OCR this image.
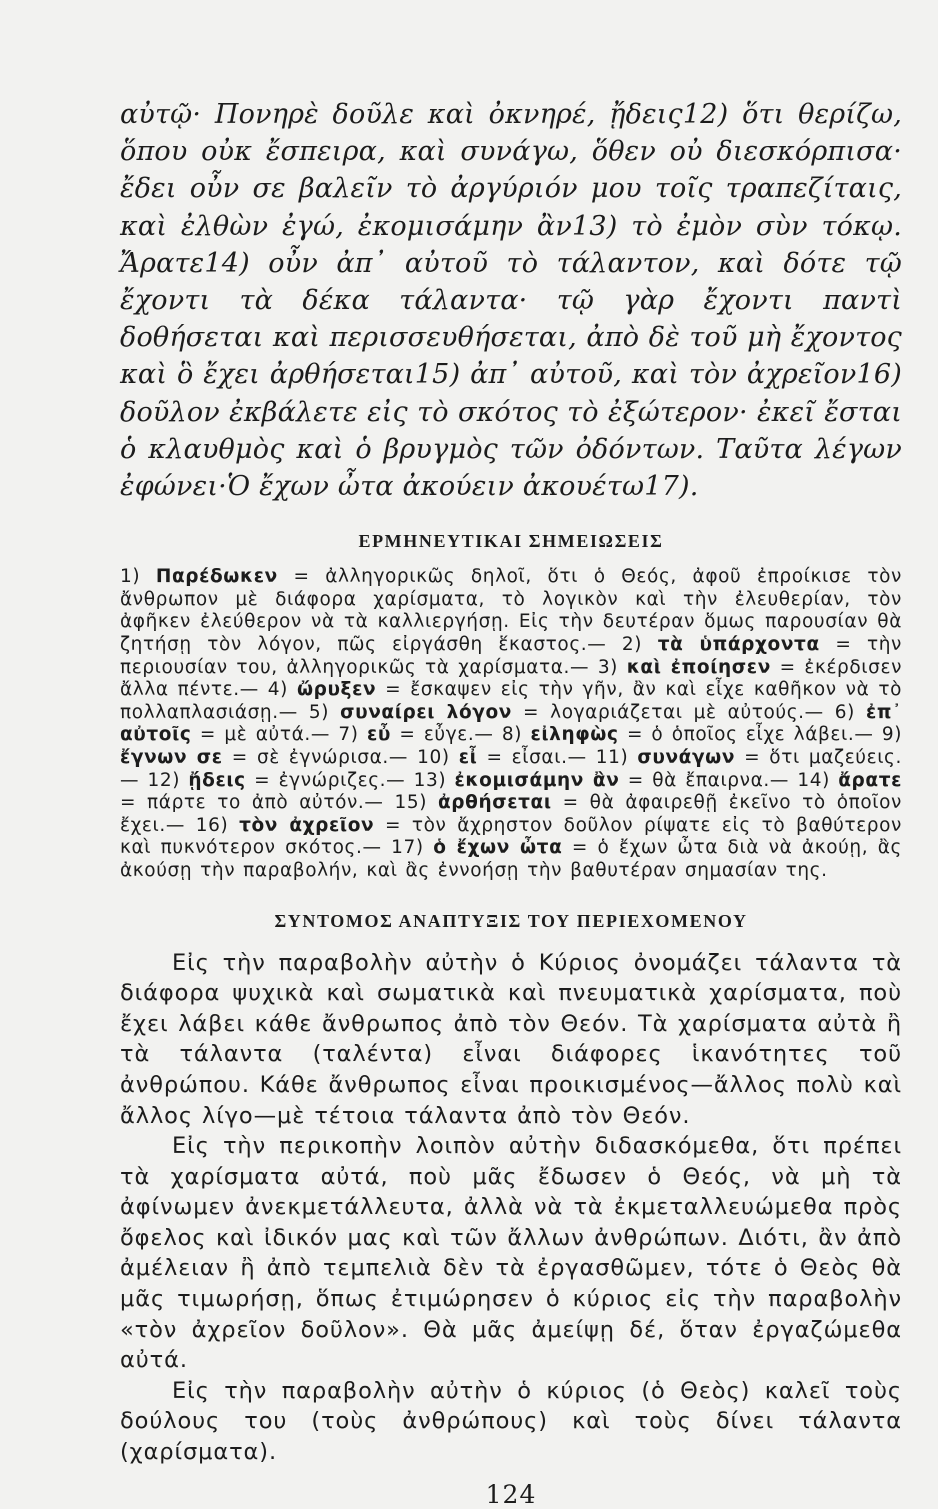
αὐτῷ· Πονηρὲ δοῦλε καὶ ὀκνηρέ, ᾔδεις12) ὅτι θερίζω, ὅπου οὐκ ἔσπειρα, καὶ συνάγω, ὅθεν οὐ διεσκόρπισα· ἔδει οὖν σε βαλεῖν τὸ ἀργύριόν μου τοῖς τραπεζίταις, καὶ ἐλθὼν ἐγώ, ἐκομισάμην ἂν13) τὸ ἐμὸν σὺν τόκῳ. Ἄρατε14) οὖν ἀπ᾽ αὐτοῦ τὸ τάλαντον, καὶ δότε τῷ ἔχοντι τὰ δέκα τάλαντα· τῷ γὰρ ἔχοντι παντὶ δοθήσεται καὶ περισσευθήσεται, ἀπὸ δὲ τοῦ μὴ ἔχοντος καὶ ὃ ἔχει ἀρθήσεται15) ἀπ᾽ αὐτοῦ, καὶ τὸν ἀχρεῖον16) δοῦλον ἐκβάλετε εἰς τὸ σκότος τὸ ἐξώτερον· ἐκεῖ ἔσται ὁ κλαυθμὸς καὶ ὁ βρυγμὸς τῶν ὀδόντων. Ταῦτα λέγων ἐφώνει·Ὁ ἔχων ὦτα ἀκούειν ἀκουέτω17).

ΕΡΜΗΝΕΥΤΙΚΑΙ ΣΗΜΕΙΩΣΕΙΣ

1) Παρέδωκεν = ἀλληγορικῶς δηλοῖ, ὅτι ὁ Θεός, ἀφοῦ ἐπροίκισε τὸν ἄνθρωπον μὲ διάφορα χαρίσματα, τὸ λογικὸν καὶ τὴν ἐλευθερίαν, τὸν ἀφῆκεν ἐλεύθερον νὰ τὰ καλλιεργήσῃ. Εἰς τὴν δευτέραν ὅμως παρουσίαν θὰ ζητήσῃ τὸν λόγον, πῶς εἰργάσθη ἕκαστος.— 2) τὰ ὑπάρχοντα = τὴν περιουσίαν του, ἀλληγορικῶς τὰ χαρίσματα.— 3) καὶ ἐποίησεν = ἐκέρδισεν ἄλλα πέντε.— 4) ὤρυξεν = ἔσκαψεν εἰς τὴν γῆν, ἂν καὶ εἶχε καθῆκον νὰ τὸ πολλαπλασιάσῃ.— 5) συναίρει λόγον = λογαριάζεται μὲ αὐτούς.— 6) ἐπ᾽ αὐτοῖς = μὲ αὐτά.— 7) εὖ = εὖγε.— 8) εἰληφὼς = ὁ ὁποῖος εἶχε λάβει.— 9) ἔγνων σε = σὲ ἐγνώρισα.— 10) εἶ = εἶσαι.— 11) συνάγων = ὅτι μαζεύεις.— 12) ᾔδεις = ἐγνώριζες.— 13) ἐκομισάμην ἂν = θὰ ἔπαιρνα.— 14) ἄρατε = πάρτε το ἀπὸ αὐτόν.— 15) ἀρθήσεται = θὰ ἀφαιρεθῇ ἐκεῖνο τὸ ὁποῖον ἔχει.— 16) τὸν ἀχρεῖον = τὸν ἄχρηστον δοῦλον ρίψατε εἰς τὸ βαθύτερον καὶ πυκνότερον σκότος.— 17) ὁ ἔχων ὦτα = ὁ ἔχων ὦτα διὰ νὰ ἀκούῃ, ἂς ἀκούσῃ τὴν παραβολήν, καὶ ἂς ἐννοήσῃ τὴν βαθυτέραν σημασίαν της.

ΣΥΝΤΟΜΟΣ ΑΝΑΠΤΥΞΙΣ ΤΟΥ ΠΕΡΙΕΧΟΜΕΝΟΥ

Εἰς τὴν παραβολὴν αὐτὴν ὁ Κύριος ὀνομάζει τάλαντα τὰ διάφορα ψυχικὰ καὶ σωματικὰ καὶ πνευματικὰ χαρίσματα, ποὺ ἔχει λάβει κάθε ἄνθρωπος ἀπὸ τὸν Θεόν. Τὰ χαρίσματα αὐτὰ ἢ τὰ τάλαντα (ταλέντα) εἶναι διάφορες ἱκανότητες τοῦ ἀνθρώπου. Κάθε ἄνθρωπος εἶναι προικισμένος—ἄλλος πολὺ καὶ ἄλλος λίγο—μὲ τέτοια τάλαντα ἀπὸ τὸν Θεόν.

Εἰς τὴν περικοπὴν λοιπὸν αὐτὴν διδασκόμεθα, ὅτι πρέπει τὰ χαρίσματα αὐτά, ποὺ μᾶς ἔδωσεν ὁ Θεός, νὰ μὴ τὰ ἀφίνωμεν ἀνεκμετάλλευτα, ἀλλὰ νὰ τὰ ἐκμεταλλευώμεθα πρὸς ὄφελος καὶ ἰδικόν μας καὶ τῶν ἄλλων ἀνθρώπων. Διότι, ἂν ἀπὸ ἀμέλειαν ἢ ἀπὸ τεμπελιὰ δὲν τὰ ἐργασθῶμεν, τότε ὁ Θεὸς θὰ μᾶς τιμωρήσῃ, ὅπως ἐτιμώρησεν ὁ κύριος εἰς τὴν παραβολὴν «τὸν ἀχρεῖον δοῦλον». Θὰ μᾶς ἀμείψῃ δέ, ὅταν ἐργαζώμεθα αὐτά.

Εἰς τὴν παραβολὴν αὐτὴν ὁ κύριος (ὁ Θεὸς) καλεῖ τοὺς δούλους του (τοὺς ἀνθρώπους) καὶ τοὺς δίνει τάλαντα (χαρίσματα).

124
